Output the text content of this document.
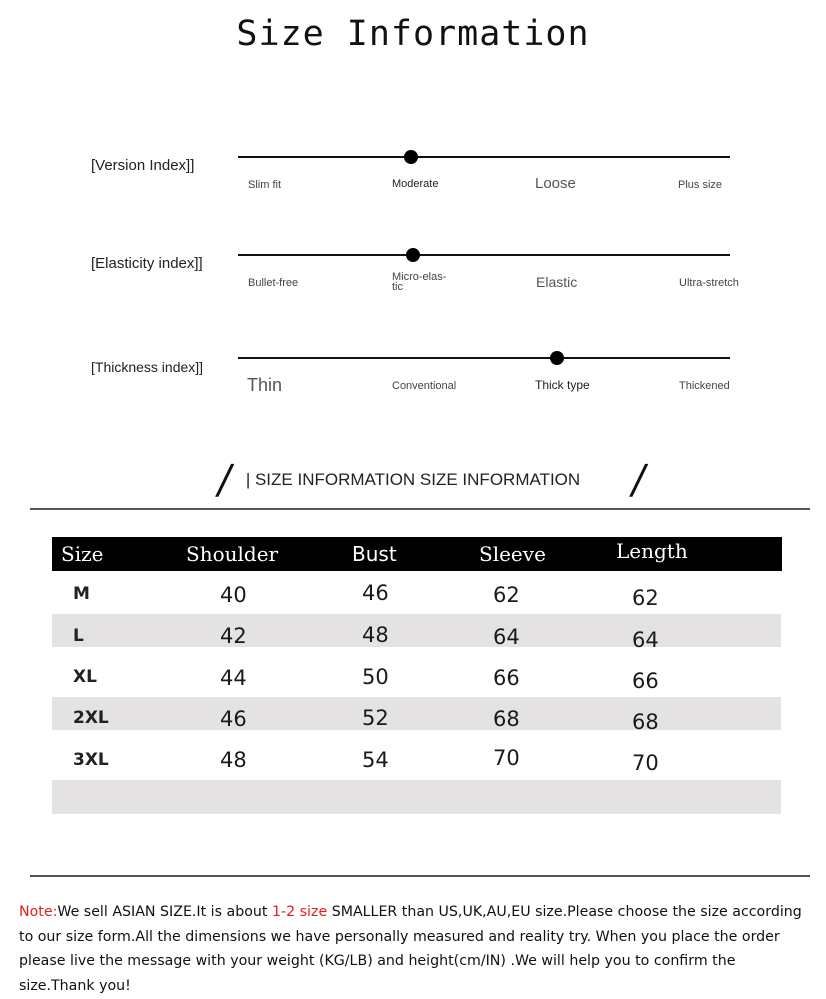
Size Information
[Version Index]]
Slim fit	Moderate	Loose	Plus size
[Elasticity index]]
Bullet-free	Micro-elas-
tic	Elastic	Ultra-stretch
[Thickness index]]
Thin	Conventional	Thick type	Thickened
/ | SIZE INFORMATION SIZE INFORMATION	/
Size	Shoulder	Bust	Sleeve	Length
M	40	46	62	62
L	42	48	64	64
XL	44	50	66	66
2XL	46	52	68	68
3XL	48	54	70	70
Note:We sell ASIAN SIZE.It is about 1-2 size SMALLER than US,UK,AU,EU size.Please choose the size according to our size form.All the dimensions we have personally measured and reality try. When you place the order please live the message with your weight (KG/LB) and height(cm/IN) .We will help you to confirm the size.Thank you!
